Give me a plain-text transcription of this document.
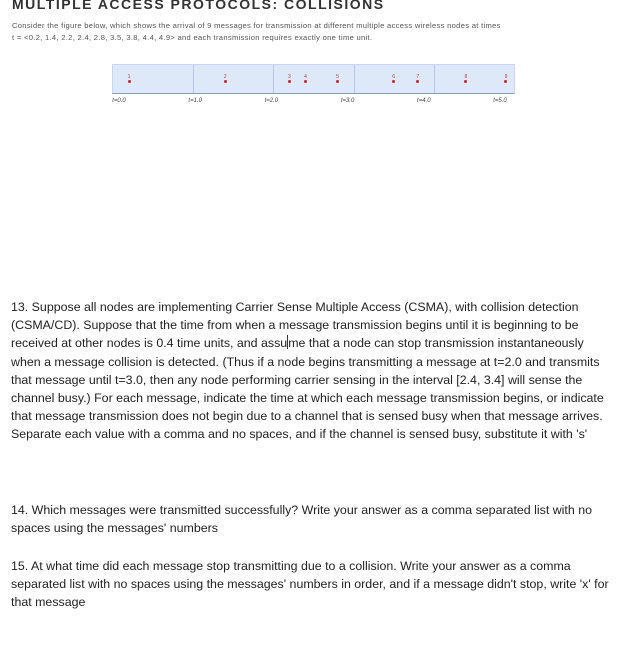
MULTIPLE ACCESS PROTOCOLS: COLLISIONS

Consider the figure below, which shows the arrival of 9 messages for transmission at different multiple access wireless nodes at times

t = <0.2, 1.4, 2.2, 2.4, 2.8, 3.5, 3.8, 4.4, 4.9> and each transmission requires exactly one time unit.

1	2	3	4	5	6	7	8	9
t=0.0	t=1.0	t=2.0	t=3.0	t=4.0	t=5.0

13. Suppose all nodes are implementing Carrier Sense Multiple Access (CSMA), with collision detection (CSMA/CD). Suppose that the time from when a message transmission begins until it is beginning to be received at other nodes is 0.4 time units, and assume that a node can stop transmission instantaneously when a message collision is detected. (Thus if a node begins transmitting a message at t=2.0 and transmits that message until t=3.0, then any node performing carrier sensing in the interval [2.4, 3.4] will sense the channel busy.) For each message, indicate the time at which each message transmission begins, or indicate that message transmission does not begin due to a channel that is sensed busy when that message arrives. Separate each value with a comma and no spaces, and if the channel is sensed busy, substitute it with 's'

14. Which messages were transmitted successfully? Write your answer as a comma separated list with no spaces using the messages' numbers

15. At what time did each message stop transmitting due to a collision. Write your answer as a comma separated list with no spaces using the messages' numbers in order, and if a message didn't stop, write 'x' for that message
